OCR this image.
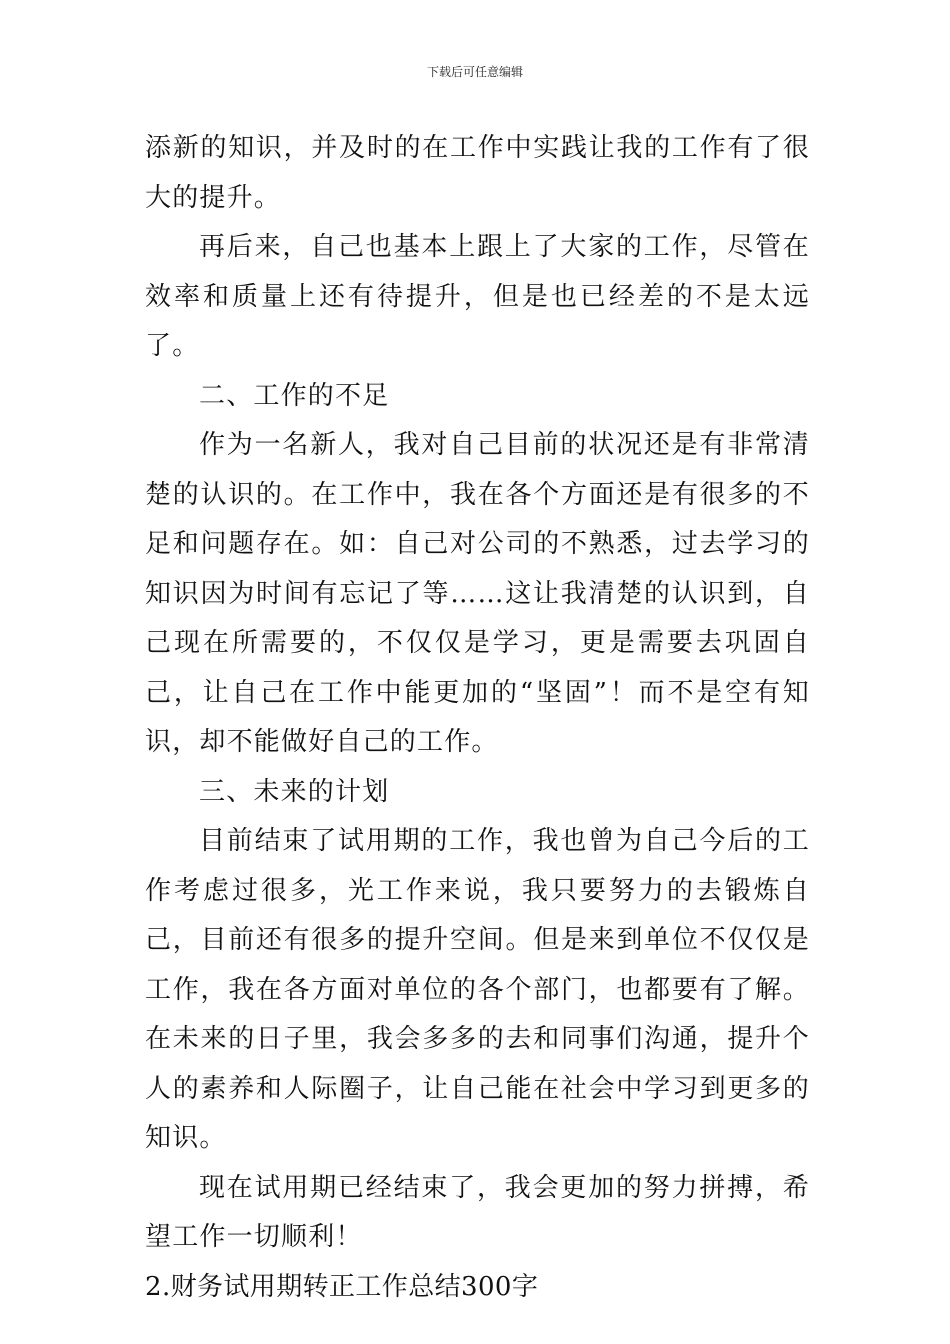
下载后可任意编辑

添新的知识，并及时的在工作中实践让我的工作有了很大的提升。

再后来，自己也基本上跟上了大家的工作，尽管在效率和质量上还有待提升，但是也已经差的不是太远了。

二、工作的不足

作为一名新人，我对自己目前的状况还是有非常清楚的认识的。在工作中，我在各个方面还是有很多的不足和问题存在。如：自己对公司的不熟悉，过去学习的知识因为时间有忘记了等……这让我清楚的认识到，自己现在所需要的，不仅仅是学习，更是需要去巩固自己，让自己在工作中能更加的“坚固”！而不是空有知识，却不能做好自己的工作。

三、未来的计划

目前结束了试用期的工作，我也曾为自己今后的工作考虑过很多，光工作来说，我只要努力的去锻炼自己，目前还有很多的提升空间。但是来到单位不仅仅是工作，我在各方面对单位的各个部门，也都要有了解。在未来的日子里，我会多多的去和同事们沟通，提升个人的素养和人际圈子，让自己能在社会中学习到更多的知识。

现在试用期已经结束了，我会更加的努力拼搏，希望工作一切顺利！

2.财务试用期转正工作总结300字
